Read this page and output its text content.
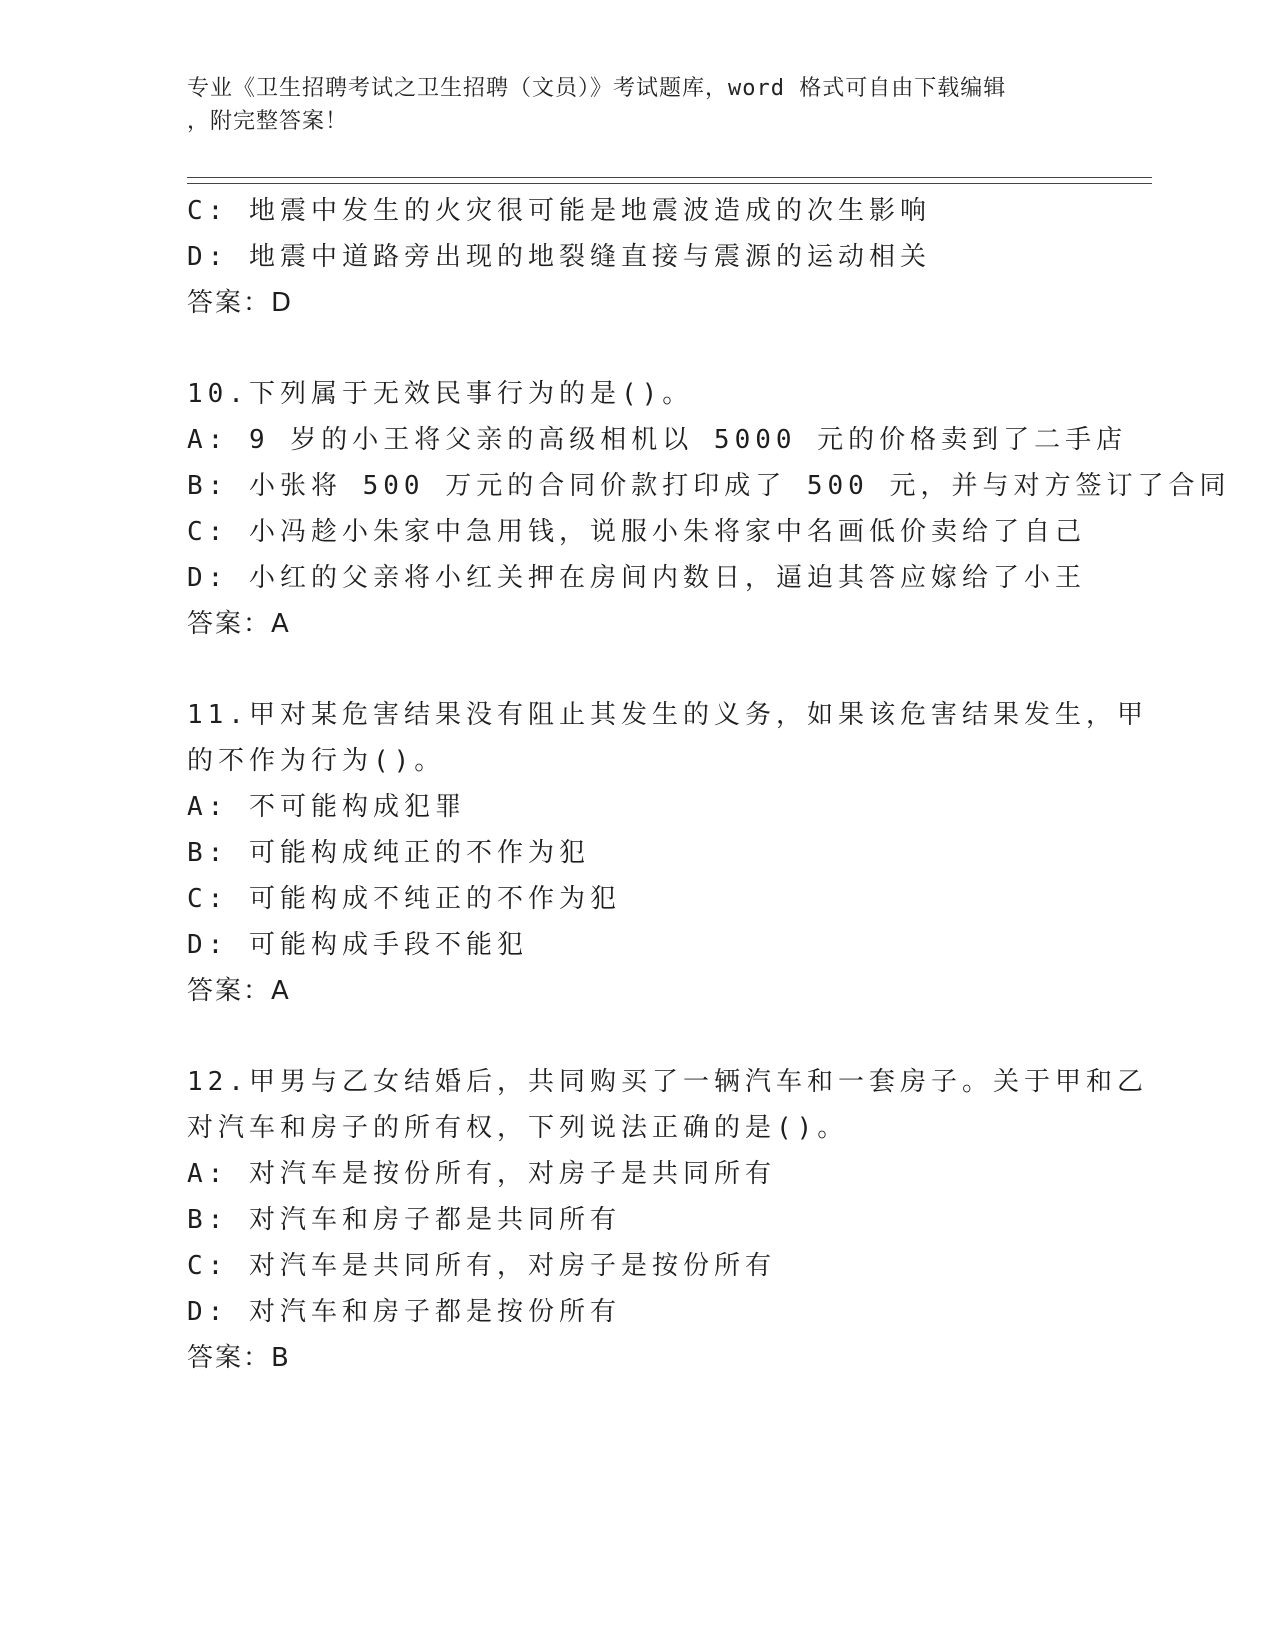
专业《卫生招聘考试之卫生招聘（文员）》考试题库，word 格式可自由下载编辑
，附完整答案！
C: 地震中发生的火灾很可能是地震波造成的次生影响
D: 地震中道路旁出现的地裂缝直接与震源的运动相关
答案：D
10.下列属于无效民事行为的是()。
A: 9 岁的小王将父亲的高级相机以 5000 元的价格卖到了二手店
B: 小张将 500 万元的合同价款打印成了 500 元，并与对方签订了合同
C: 小冯趁小朱家中急用钱，说服小朱将家中名画低价卖给了自己
D: 小红的父亲将小红关押在房间内数日，逼迫其答应嫁给了小王
答案：A
11.甲对某危害结果没有阻止其发生的义务，如果该危害结果发生，甲
的不作为行为()。
A: 不可能构成犯罪
B: 可能构成纯正的不作为犯
C: 可能构成不纯正的不作为犯
D: 可能构成手段不能犯
答案：A
12.甲男与乙女结婚后，共同购买了一辆汽车和一套房子。关于甲和乙
对汽车和房子的所有权，下列说法正确的是()。
A: 对汽车是按份所有，对房子是共同所有
B: 对汽车和房子都是共同所有
C: 对汽车是共同所有，对房子是按份所有
D: 对汽车和房子都是按份所有
答案：B
